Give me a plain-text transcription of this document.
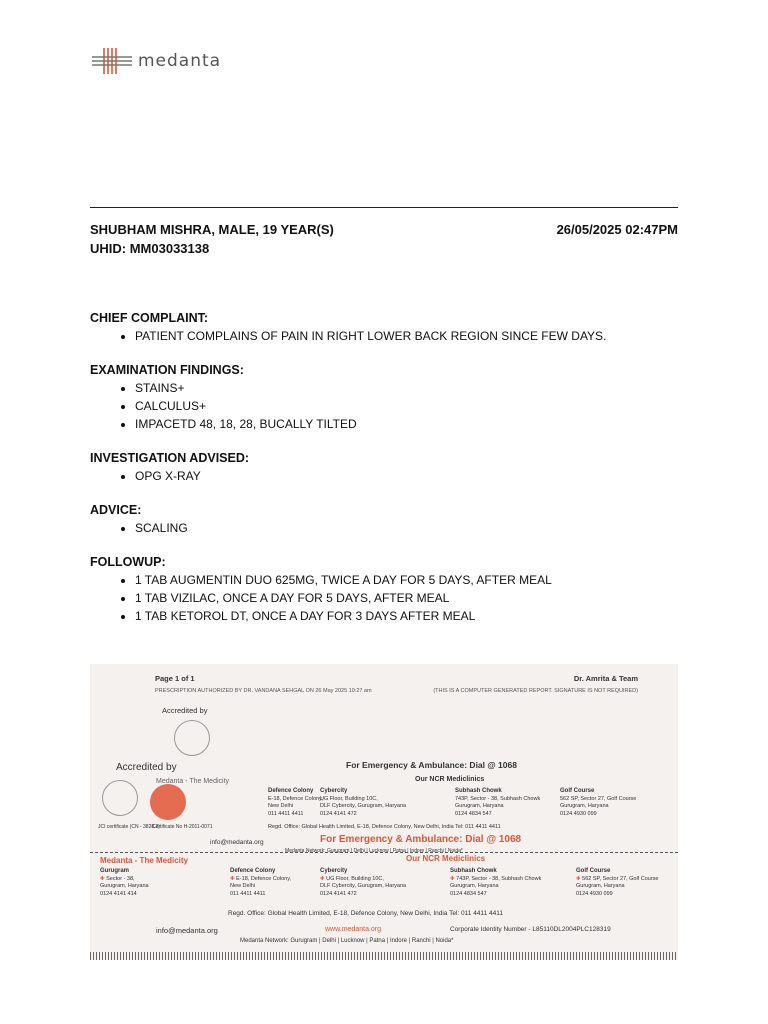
medanta
SHUBHAM MISHRA, MALE, 19 YEAR(S)
UHID: MM03033138
26/05/2025 02:47PM
CHIEF COMPLAINT:
• PATIENT COMPLAINS OF PAIN IN RIGHT LOWER BACK REGION SINCE FEW DAYS.
EXAMINATION FINDINGS:
• STAINS+
• CALCULUS+
• IMPACETD 48, 18, 28, BUCALLY TILTED
INVESTIGATION ADVISED:
• OPG X-RAY
ADVICE:
• SCALING
FOLLOWUP:
• 1 TAB AUGMENTIN DUO 625MG, TWICE A DAY FOR 5 DAYS, AFTER MEAL
• 1 TAB VIZILAC, ONCE A DAY FOR 5 DAYS, AFTER MEAL
• 1 TAB KETOROL DT, ONCE A DAY FOR 3 DAYS AFTER MEAL
Page 1 of 1
PRESCRIPTION AUTHORIZED BY DR. VANDANA SEHGAL ON 26 May 2025 10:27 am
Dr. Amrita & Team
(THIS IS A COMPUTER GENERATED REPORT. SIGNATURE IS NOT REQUIRED)
Accredited by
Accredited by
JCI certificate (CN - 3828.2)
Certificate No H-2011-0071
Medanta - The Medicity
For Emergency & Ambulance: Dial @ 1068
Our NCR Mediclinics
Defence Colony
E-18, Defence Colony,
New Delhi
011 4411 4411
Cybercity
UG Floor, Building 10C,
DLF Cybercity, Gurugram, Haryana
0124 4141 472
Subhash Chowk
743P, Sector - 38, Subhash Chowk
Gurugram, Haryana
0124 4834 547
Golf Course
562 SP, Sector 27, Golf Course
Gurugram, Haryana
0124 4930 099
Regd. Office: Global Health Limited, E-18, Defence Colony, New Delhi, India Tel: 011 4411 4411
info@medanta.org	For Emergency & Ambulance: Dial @ 1068
Medanta Network: Gurugram | Delhi | Lucknow | Patna | Indore | Ranchi | Noida*
Medanta - The Medicity	Our NCR Mediclinics
Gurugram
✚ Sector - 38,
Gurugram, Haryana
0124 4141 414
Defence Colony
✚ E-18, Defence Colony,
New Delhi
011 4411 4411
Cybercity
✚ UG Floor, Building 10C,
DLF Cybercity, Gurugram, Haryana
0124 4141 472
Subhash Chowk
✚ 743P, Sector - 38, Subhash Chowk
Gurugram, Haryana
0124 4834 547
Golf Course
✚ 562 SP, Sector 27, Golf Course
Gurugram, Haryana
0124 4930 099
Regd. Office: Global Health Limited, E-18, Defence Colony, New Delhi, India Tel: 011 4411 4411
info@medanta.org	www.medanta.org	Corporate Identity Number - L85110DL2004PLC128319
Medanta Network: Gurugram | Delhi | Lucknow | Patna | Indore | Ranchi | Noida*
